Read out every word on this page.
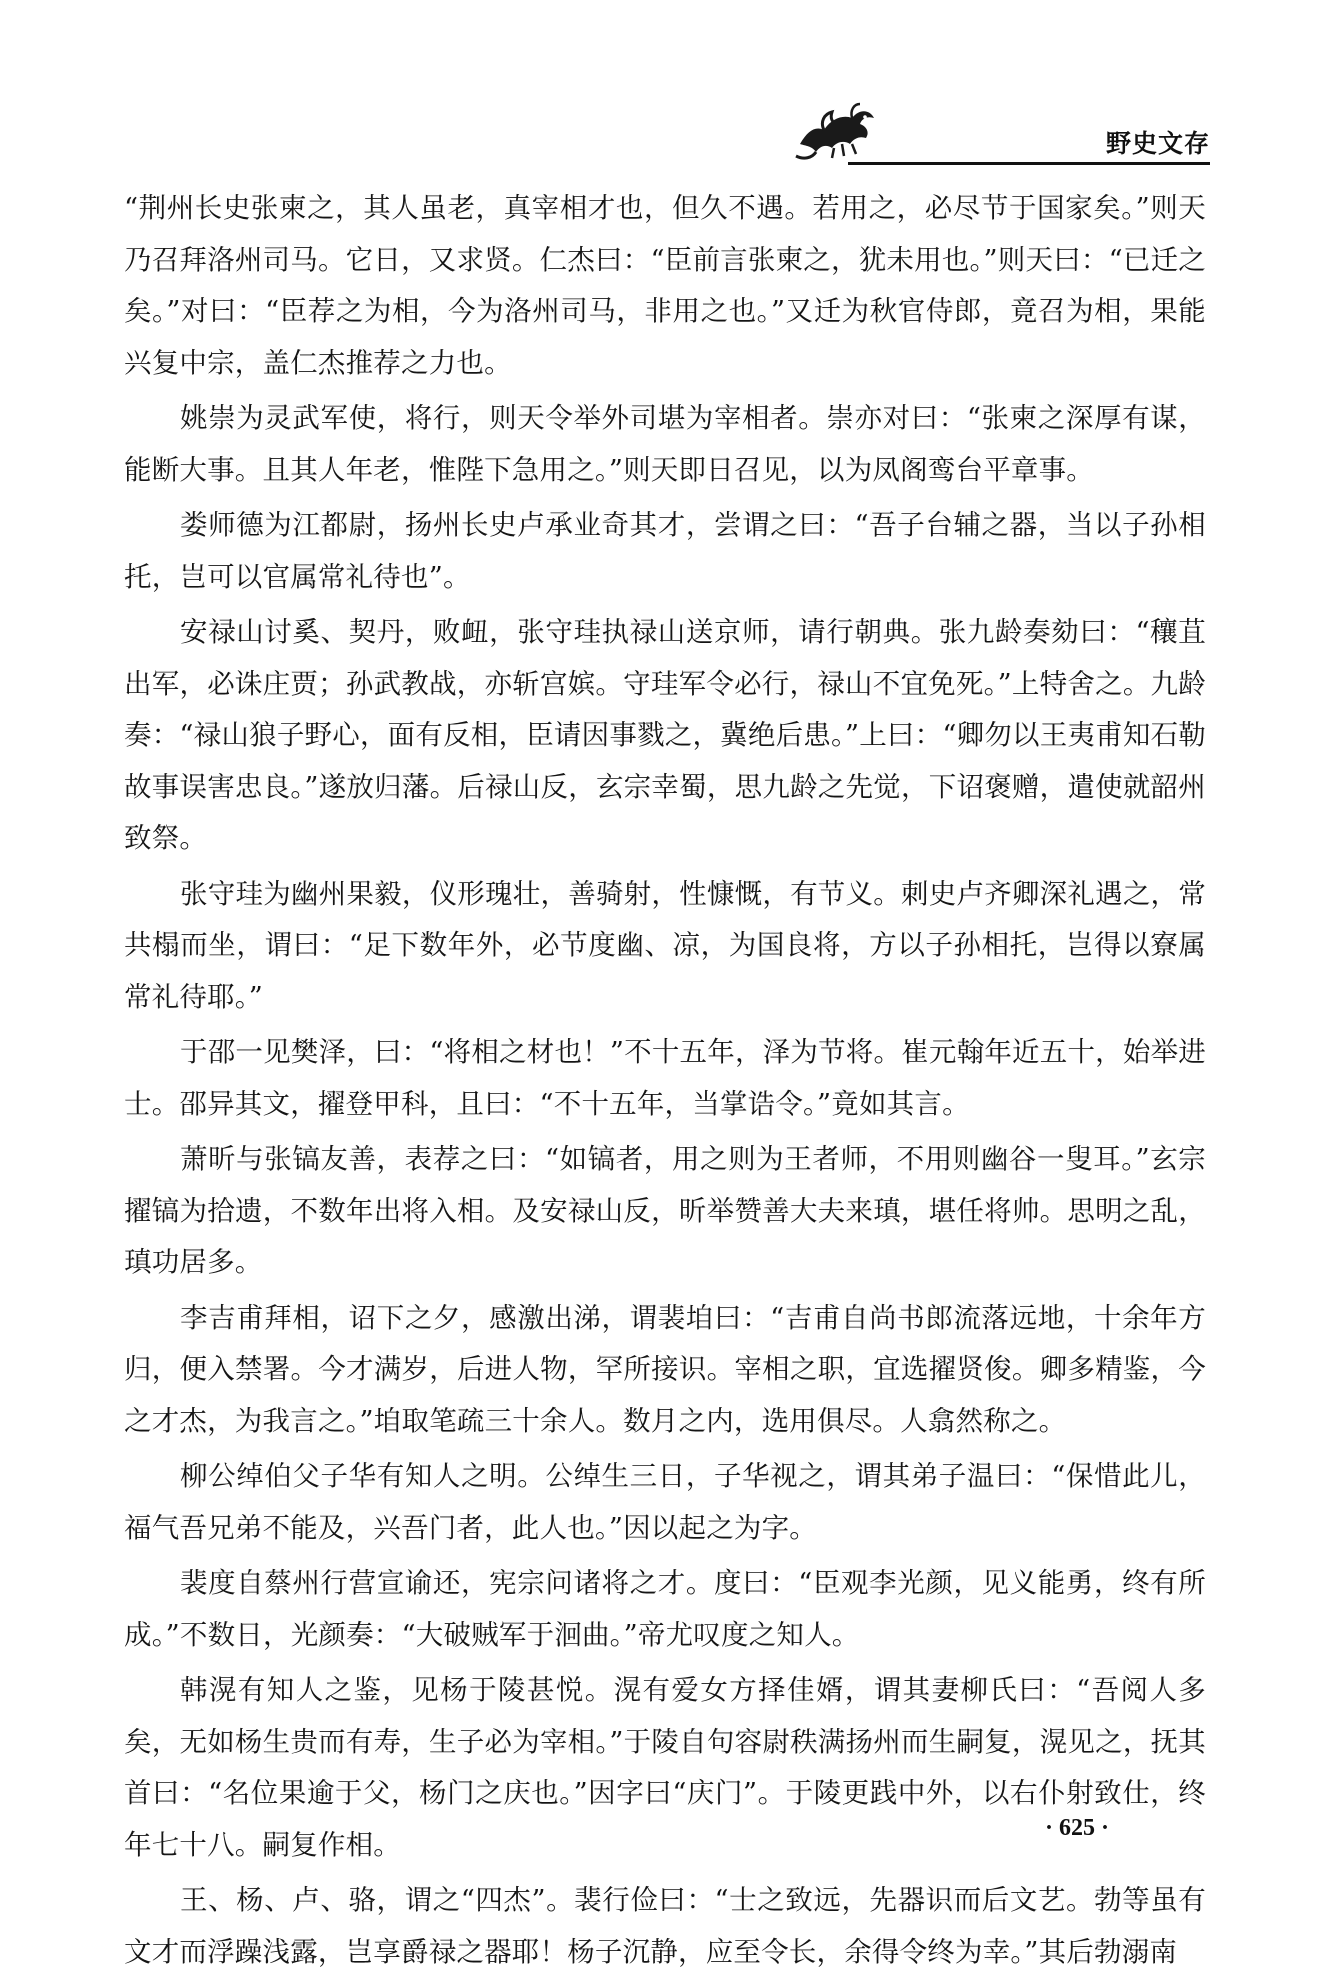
野史文存

“荆州长史张柬之，其人虽老，真宰相才也，但久不遇。若用之，必尽节于国家矣。”则天乃召拜洛州司马。它日，又求贤。仁杰曰：“臣前言张柬之，犹未用也。”则天曰：“已迁之矣。”对曰：“臣荐之为相，今为洛州司马，非用之也。”又迁为秋官侍郎，竟召为相，果能兴复中宗，盖仁杰推荐之力也。

姚崇为灵武军使，将行，则天令举外司堪为宰相者。崇亦对曰：“张柬之深厚有谋，能断大事。且其人年老，惟陛下急用之。”则天即日召见，以为凤阁鸾台平章事。

娄师德为江都尉，扬州长史卢承业奇其才，尝谓之曰：“吾子台辅之器，当以子孙相托，岂可以官属常礼待也”。

安禄山讨奚、契丹，败衄，张守珪执禄山送京师，请行朝典。张九龄奏劾曰：“穰苴出军，必诛庄贾；孙武教战，亦斩宫嫔。守珪军令必行，禄山不宜免死。”上特舍之。九龄奏：“禄山狼子野心，面有反相，臣请因事戮之，冀绝后患。”上曰：“卿勿以王夷甫知石勒故事误害忠良。”遂放归藩。后禄山反，玄宗幸蜀，思九龄之先觉，下诏褒赠，遣使就韶州致祭。

张守珪为幽州果毅，仪形瑰壮，善骑射，性慷慨，有节义。刺史卢齐卿深礼遇之，常共榻而坐，谓曰：“足下数年外，必节度幽、凉，为国良将，方以子孙相托，岂得以寮属常礼待耶。”

于邵一见樊泽，曰：“将相之材也！”不十五年，泽为节将。崔元翰年近五十，始举进士。邵异其文，擢登甲科，且曰：“不十五年，当掌诰令。”竟如其言。

萧昕与张镐友善，表荐之曰：“如镐者，用之则为王者师，不用则幽谷一叟耳。”玄宗擢镐为拾遗，不数年出将入相。及安禄山反，昕举赞善大夫来瑱，堪任将帅。思明之乱，瑱功居多。

李吉甫拜相，诏下之夕，感激出涕，谓裴垍曰：“吉甫自尚书郎流落远地，十余年方归，便入禁署。今才满岁，后进人物，罕所接识。宰相之职，宜选擢贤俊。卿多精鉴，今之才杰，为我言之。”垍取笔疏三十余人。数月之内，选用俱尽。人翕然称之。

柳公绰伯父子华有知人之明。公绰生三日，子华视之，谓其弟子温曰：“保惜此儿，福气吾兄弟不能及，兴吾门者，此人也。”因以起之为字。

裴度自蔡州行营宣谕还，宪宗问诸将之才。度曰：“臣观李光颜，见义能勇，终有所成。”不数日，光颜奏：“大破贼军于洄曲。”帝尤叹度之知人。

韩滉有知人之鉴，见杨于陵甚悦。滉有爱女方择佳婿，谓其妻柳氏曰：“吾阅人多矣，无如杨生贵而有寿，生子必为宰相。”于陵自句容尉秩满扬州而生嗣复，滉见之，抚其首曰：“名位果逾于父，杨门之庆也。”因字曰“庆门”。于陵更践中外，以右仆射致仕，终年七十八。嗣复作相。

王、杨、卢、骆，谓之“四杰”。裴行俭曰：“士之致远，先器识而后文艺。勃等虽有文才而浮躁浅露，岂享爵禄之器耶！杨子沉静，应至令长，余得令终为幸。”其后勃溺南

· 625 ·
